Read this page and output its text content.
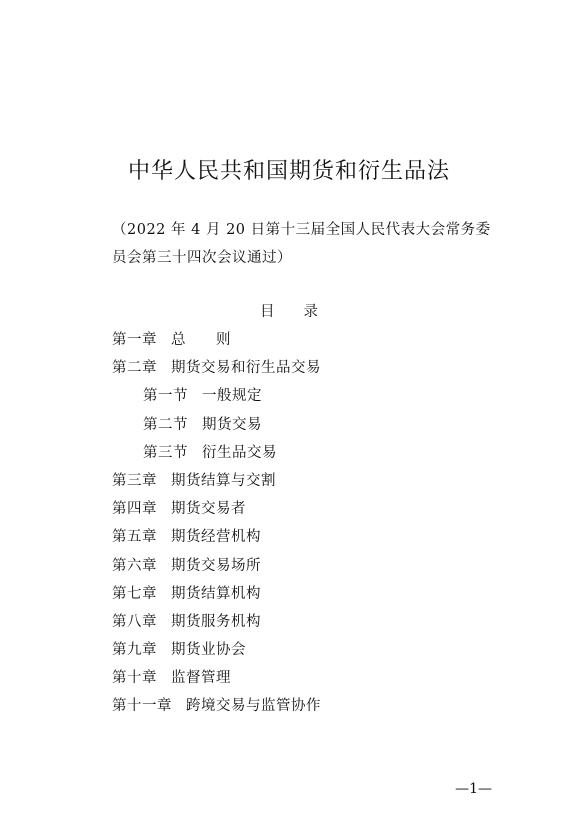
中华人民共和国期货和衍生品法
（2022 年 4 月 20 日第十三届全国人民代表大会常务委
员会第三十四次会议通过）
目　　录
第一章 总　　则
第二章 期货交易和衍生品交易
第一节 一般规定
第二节 期货交易
第三节 衍生品交易
第三章 期货结算与交割
第四章 期货交易者
第五章 期货经营机构
第六章 期货交易场所
第七章 期货结算机构
第八章 期货服务机构
第九章 期货业协会
第十章 监督管理
第十一章 跨境交易与监管协作
—1—
